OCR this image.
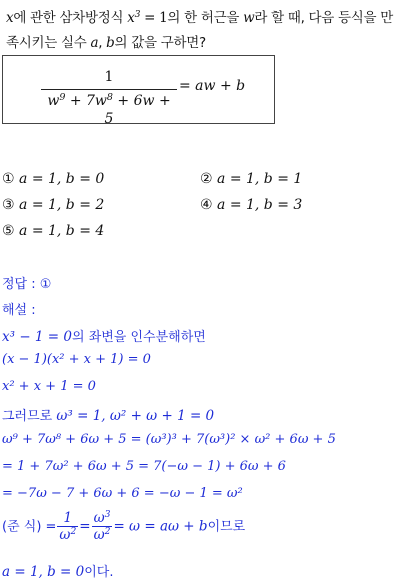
x에 관한 삼차방정식 $x^3 = 1$의 한 허근을 w라 할 때, 다음 등식을 만족시키는 실수 a, b의 값을 구하면?
1
$w^9 + 7w^8 + 6w + 5$
= aw + b
① a = 1, b = 0	② a = 1, b = 1
③ a = 1, b = 2	④ a = 1, b = 3
⑤ a = 1, b = 4
정답 : ①
해설 :
x³ − 1 = 0의 좌변을 인수분해하면
(x − 1)(x² + x + 1) = 0
x² + x + 1 = 0
그러므로 ω³ = 1, ω² + ω + 1 = 0
ω⁹ + 7ω⁸ + 6ω + 5 = (ω³)³ + 7(ω³)² × ω² + 6ω + 5
= 1 + 7ω² + 6ω + 5 = 7(−ω − 1) + 6ω + 6
= −7ω − 7 + 6ω + 6 = −ω − 1 = ω²
(준 식) = $\frac{1}{\omega^2} = \frac{\omega^3}{\omega^2} = \omega = a\omega + b$이므로
a = 1, b = 0이다.
